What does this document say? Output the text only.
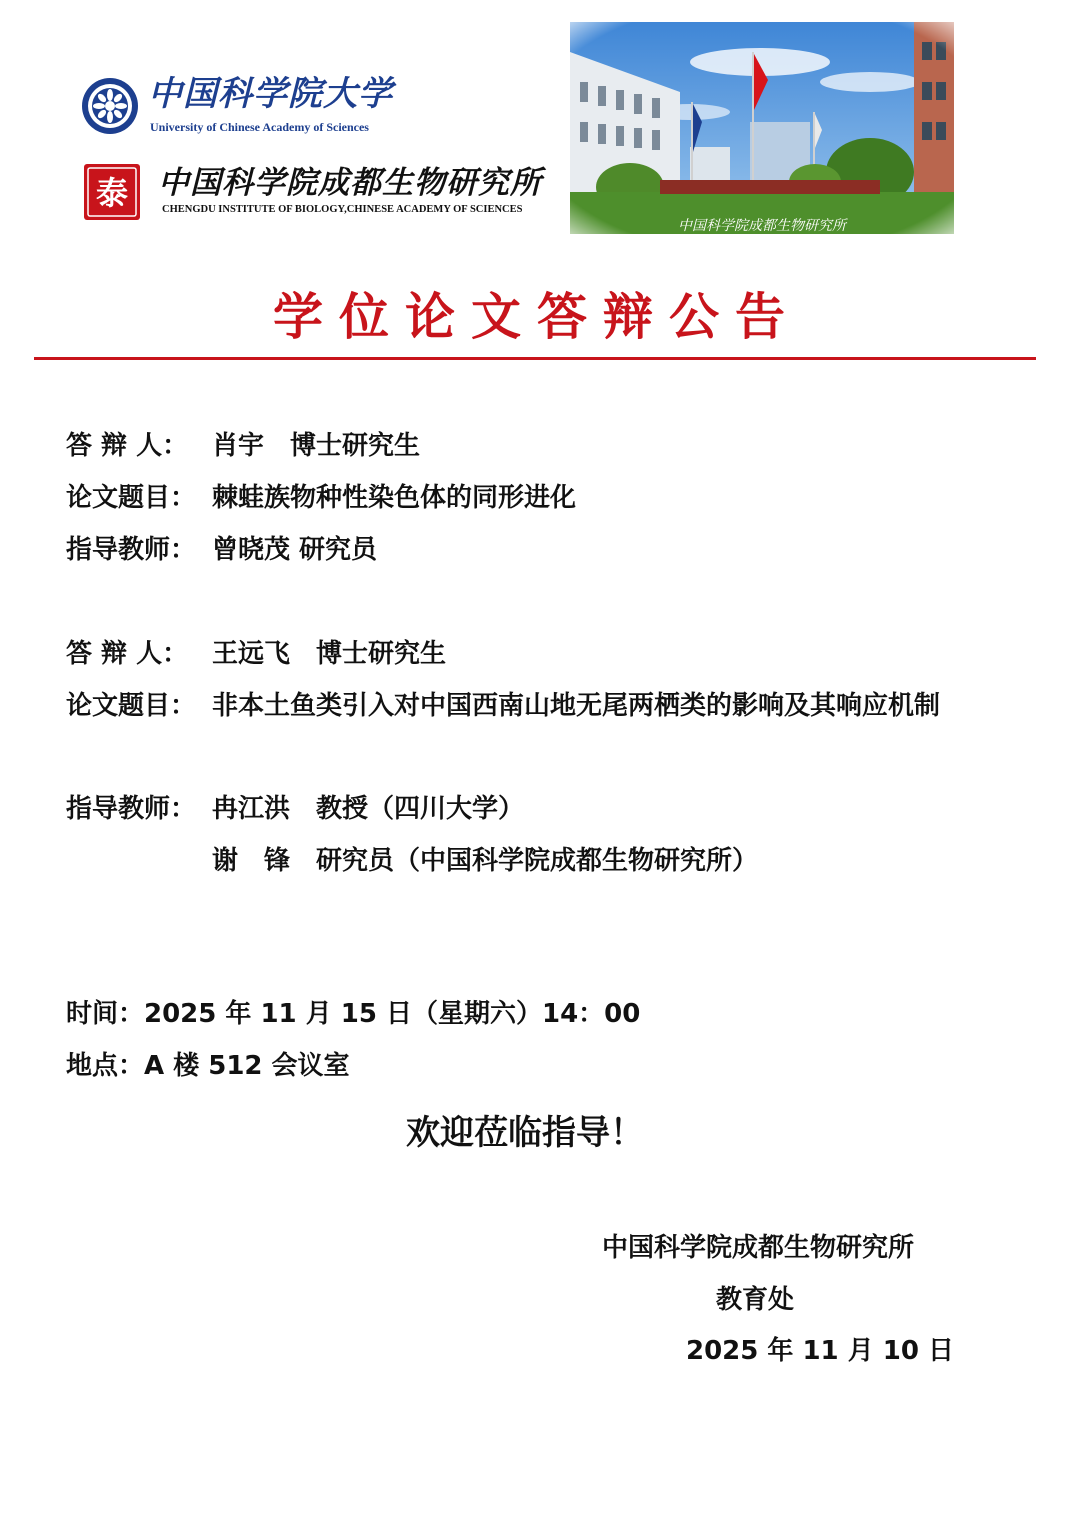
中国科学院大学
University of Chinese Academy of Sciences
泰 中国科学院成都生物研究所
CHENGDU INSTITUTE OF BIOLOGY,CHINESE ACADEMY OF SCIENCES
学位论文答辩公告
答 辩 人： 肖宇　博士研究生
论文题目： 棘蛙族物种性染色体的同形进化
指导教师： 曾晓茂 研究员
答 辩 人： 王远飞　博士研究生
论文题目： 非本土鱼类引入对中国西南山地无尾两栖类的影响及其响应机制
指导教师： 冉江洪　教授（四川大学）
谢　锋　研究员（中国科学院成都生物研究所）
时间：2025 年 11 月 15 日（星期六）14：00
地点：A 楼 512 会议室
欢迎莅临指导！
中国科学院成都生物研究所
教育处
2025 年 11 月 10 日
